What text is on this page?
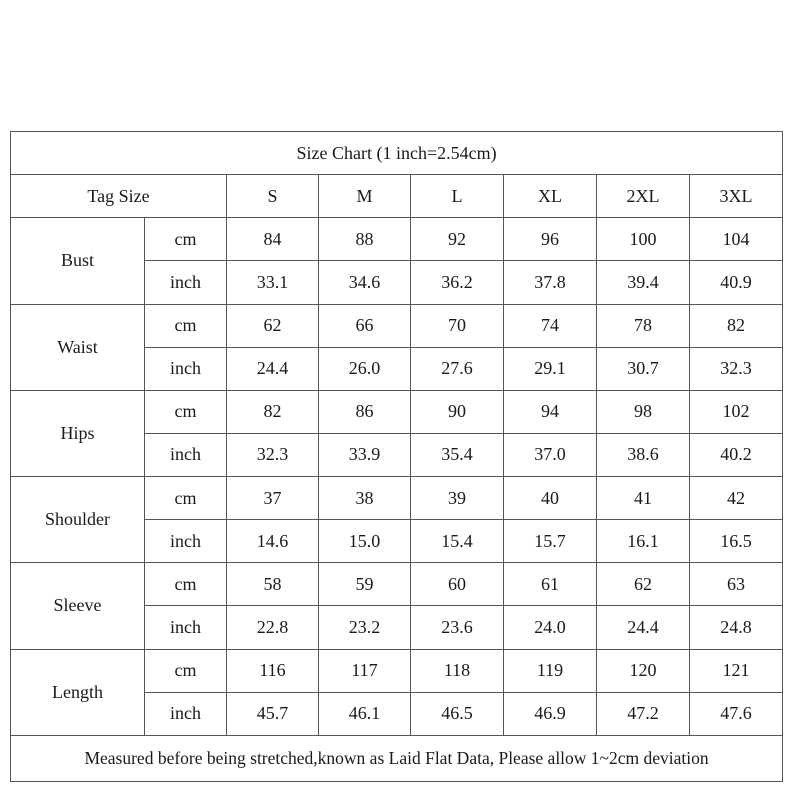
Size Chart (1 inch=2.54cm)							
Tag Size		S	M	L	XL	2XL	3XL
Bust	cm	84	88	92	96	100	104
	inch	33.1	34.6	36.2	37.8	39.4	40.9
Waist	cm	62	66	70	74	78	82
	inch	24.4	26.0	27.6	29.1	30.7	32.3
Hips	cm	82	86	90	94	98	102
	inch	32.3	33.9	35.4	37.0	38.6	40.2
Shoulder	cm	37	38	39	40	41	42
	inch	14.6	15.0	15.4	15.7	16.1	16.5
Sleeve	cm	58	59	60	61	62	63
	inch	22.8	23.2	23.6	24.0	24.4	24.8
Length	cm	116	117	118	119	120	121
	inch	45.7	46.1	46.5	46.9	47.2	47.6
Measured before being stretched,known as Laid Flat Data, Please allow 1~2cm deviation							
